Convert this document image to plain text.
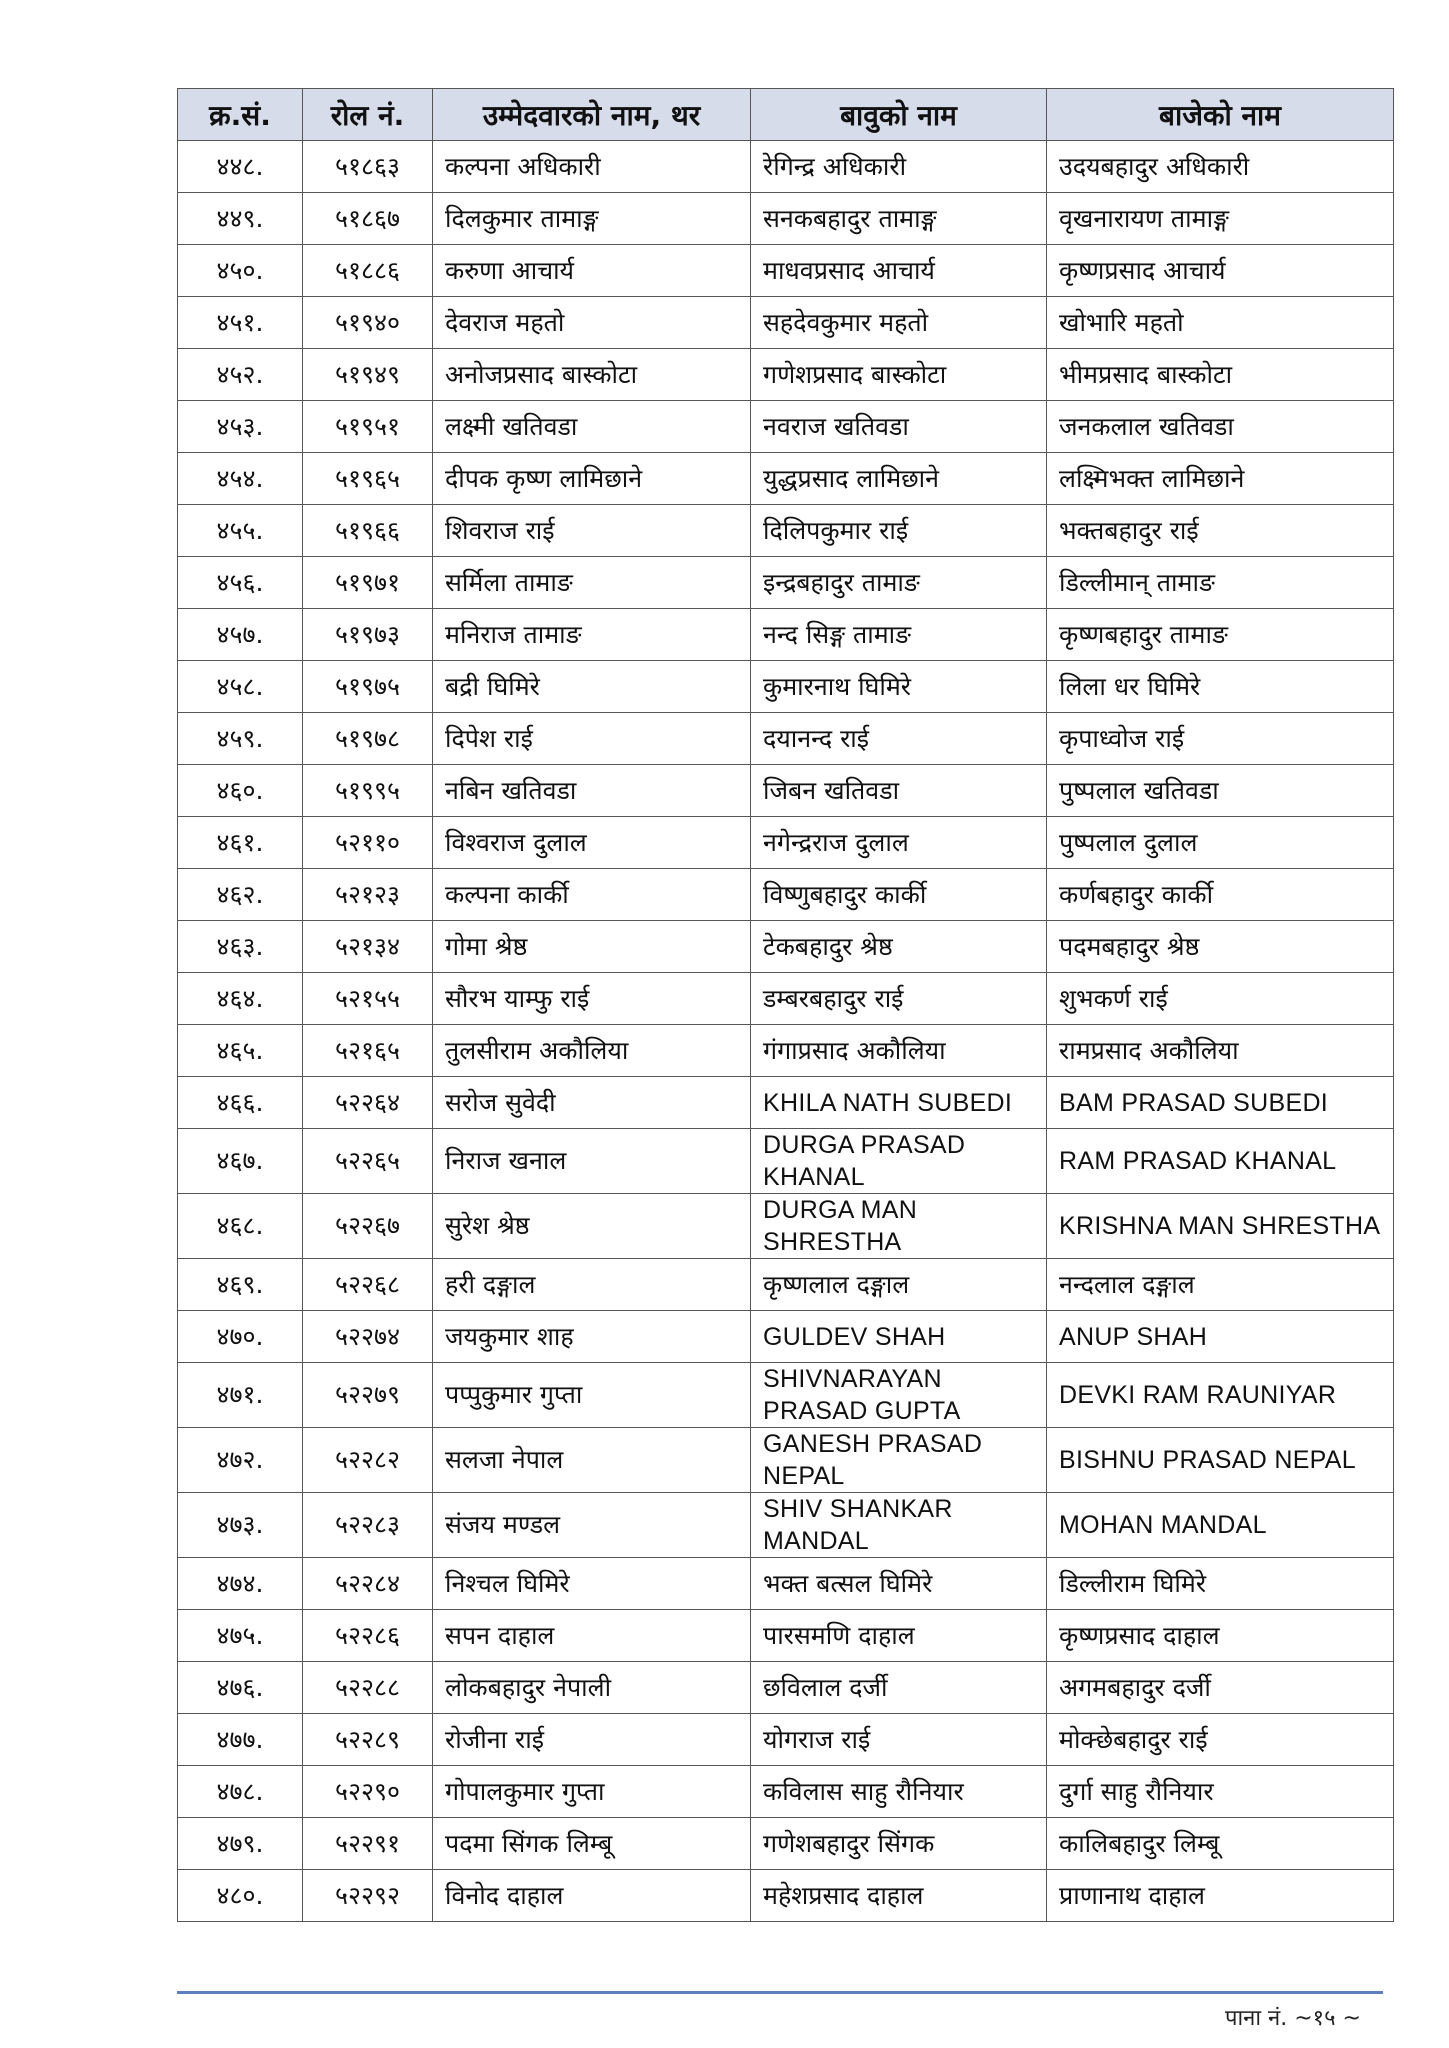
क्र.सं.	रोल नं.	उम्मेदवारको नाम, थर	बावुको नाम	बाजेको नाम
४४८.	५१८६३	कल्पना अधिकारी	रेगिन्द्र अधिकारी	उदयबहादुर अधिकारी
४४९.	५१८६७	दिलकुमार तामाङ्ग	सनकबहादुर तामाङ्ग	वृखनारायण तामाङ्ग
४५०.	५१८८६	करुणा आचार्य	माधवप्रसाद आचार्य	कृष्णप्रसाद आचार्य
४५१.	५१९४०	देवराज महतो	सहदेवकुमार महतो	खोभारि महतो
४५२.	५१९४९	अनोजप्रसाद बास्कोटा	गणेशप्रसाद बास्कोटा	भीमप्रसाद बास्कोटा
४५३.	५१९५१	लक्ष्मी खतिवडा	नवराज खतिवडा	जनकलाल खतिवडा
४५४.	५१९६५	दीपक कृष्ण लामिछाने	युद्धप्रसाद लामिछाने	लक्ष्मिभक्त लामिछाने
४५५.	५१९६६	शिवराज राई	दिलिपकुमार राई	भक्तबहादुर राई
४५६.	५१९७१	सर्मिला तामाङ	इन्द्रबहादुर तामाङ	डिल्लीमान् तामाङ
४५७.	५१९७३	मनिराज तामाङ	नन्द सिङ्ग तामाङ	कृष्णबहादुर तामाङ
४५८.	५१९७५	बद्री घिमिरे	कुमारनाथ घिमिरे	लिला धर घिमिरे
४५९.	५१९७८	दिपेश राई	दयानन्द राई	कृपाध्वोज राई
४६०.	५१९९५	नबिन खतिवडा	जिबन खतिवडा	पुष्पलाल खतिवडा
४६१.	५२११०	विश्वराज दुलाल	नगेन्द्रराज दुलाल	पुष्पलाल दुलाल
४६२.	५२१२३	कल्पना कार्की	विष्णुबहादुर कार्की	कर्णबहादुर कार्की
४६३.	५२१३४	गोमा श्रेष्ठ	टेकबहादुर श्रेष्ठ	पदमबहादुर श्रेष्ठ
४६४.	५२१५५	सौरभ याम्फु राई	डम्बरबहादुर राई	शुभकर्ण राई
४६५.	५२१६५	तुलसीराम अकौलिया	गंगाप्रसाद अकौलिया	रामप्रसाद अकौलिया
४६६.	५२२६४	सरोज सुवेदी	KHILA NATH SUBEDI	BAM PRASAD SUBEDI
४६७.	५२२६५	निराज खनाल	DURGA PRASAD KHANAL	RAM PRASAD KHANAL
४६८.	५२२६७	सुरेश श्रेष्ठ	DURGA MAN SHRESTHA	KRISHNA MAN SHRESTHA
४६९.	५२२६८	हरी दङ्गाल	कृष्णलाल दङ्गाल	नन्दलाल दङ्गाल
४७०.	५२२७४	जयकुमार शाह	GULDEV SHAH	ANUP SHAH
४७१.	५२२७९	पप्पुकुमार गुप्ता	SHIVNARAYAN PRASAD GUPTA	DEVKI RAM RAUNIYAR
४७२.	५२२८२	सलजा नेपाल	GANESH PRASAD NEPAL	BISHNU PRASAD NEPAL
४७३.	५२२८३	संजय मण्डल	SHIV SHANKAR MANDAL	MOHAN MANDAL
४७४.	५२२८४	निश्चल घिमिरे	भक्त बत्सल घिमिरे	डिल्लीराम घिमिरे
४७५.	५२२८६	सपन दाहाल	पारसमणि दाहाल	कृष्णप्रसाद दाहाल
४७६.	५२२८८	लोकबहादुर नेपाली	छविलाल दर्जी	अगमबहादुर दर्जी
४७७.	५२२८९	रोजीना राई	योगराज राई	मोक्छेबहादुर राई
४७८.	५२२९०	गोपालकुमार गुप्ता	कविलास साहु रौनियार	दुर्गा साहु रौनियार
४७९.	५२२९१	पदमा सिंगक लिम्बू	गणेशबहादुर सिंगक	कालिबहादुर लिम्बू
४८०.	५२२९२	विनोद दाहाल	महेशप्रसाद दाहाल	प्राणानाथ दाहाल
पाना नं. ~१५ ~
